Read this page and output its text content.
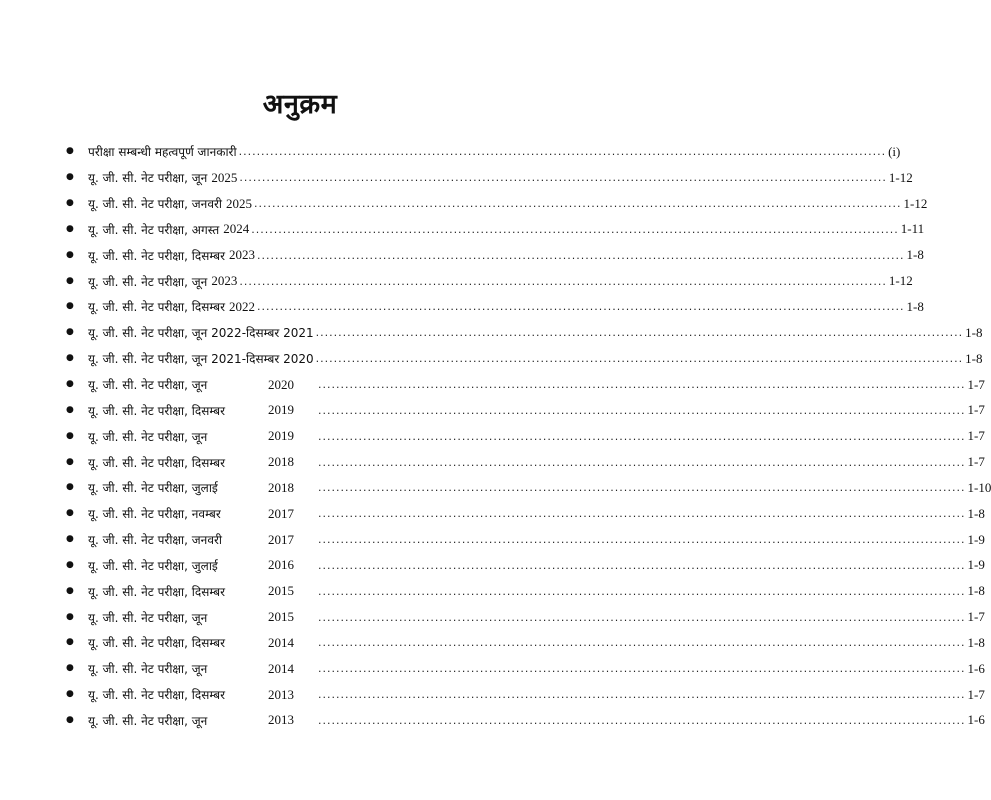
अनुक्रम
●	परीक्षा सम्बन्धी महत्वपूर्ण जानकारी ................................................................................................................................................ (i)
●	यू. जी. सी. नेट परीक्षा, जून 2025 ................................................................................................................................................ 1-12
●	यू. जी. सी. नेट परीक्षा, जनवरी 2025 ................................................................................................................................................ 1-12
●	यू. जी. सी. नेट परीक्षा, अगस्त 2024 ................................................................................................................................................ 1-11
●	यू. जी. सी. नेट परीक्षा, दिसम्बर 2023 ................................................................................................................................................ 1-8
●	यू. जी. सी. नेट परीक्षा, जून 2023 ................................................................................................................................................ 1-12
●	यू. जी. सी. नेट परीक्षा, दिसम्बर 2022 ................................................................................................................................................ 1-8
●	यू. जी. सी. नेट परीक्षा, जून 2022-दिसम्बर 2021 ................................................................................................................................................ 1-8
●	यू. जी. सी. नेट परीक्षा, जून 2021-दिसम्बर 2020 ................................................................................................................................................ 1-8
●	यू. जी. सी. नेट परीक्षा, जून	2020	................................................................................................................................................ 1-7
●	यू. जी. सी. नेट परीक्षा, दिसम्बर	2019	................................................................................................................................................ 1-7
●	यू. जी. सी. नेट परीक्षा, जून	2019	................................................................................................................................................ 1-7
●	यू. जी. सी. नेट परीक्षा, दिसम्बर	2018	................................................................................................................................................ 1-7
●	यू. जी. सी. नेट परीक्षा, जुलाई	2018	................................................................................................................................................ 1-10
●	यू. जी. सी. नेट परीक्षा, नवम्बर	2017	................................................................................................................................................ 1-8
●	यू. जी. सी. नेट परीक्षा, जनवरी	2017	................................................................................................................................................ 1-9
●	यू. जी. सी. नेट परीक्षा, जुलाई	2016	................................................................................................................................................ 1-9
●	यू. जी. सी. नेट परीक्षा, दिसम्बर	2015	................................................................................................................................................ 1-8
●	यू. जी. सी. नेट परीक्षा, जून	2015	................................................................................................................................................ 1-7
●	यू. जी. सी. नेट परीक्षा, दिसम्बर	2014	................................................................................................................................................ 1-8
●	यू. जी. सी. नेट परीक्षा, जून	2014	................................................................................................................................................ 1-6
●	यू. जी. सी. नेट परीक्षा, दिसम्बर	2013	................................................................................................................................................ 1-7
●	यू. जी. सी. नेट परीक्षा, जून	2013	................................................................................................................................................ 1-6
